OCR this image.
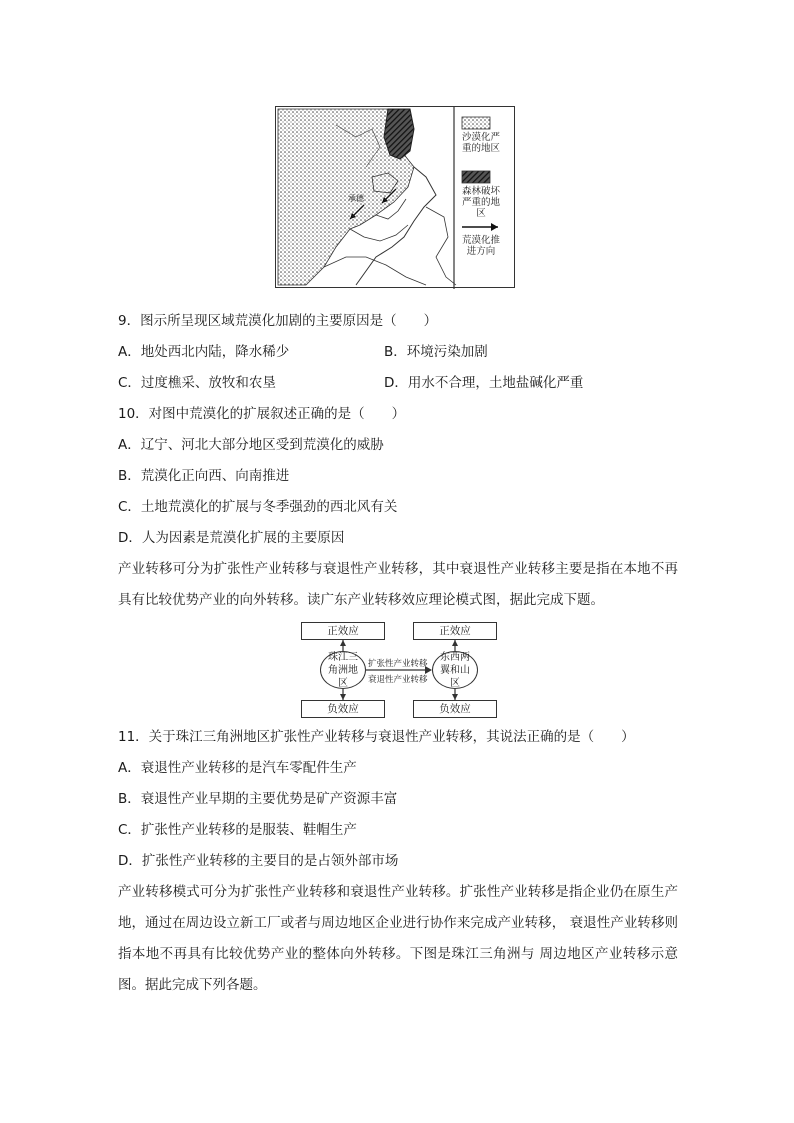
沙漠化严重的地区
森林破坏严重的地区
荒漠化推进方向
承德
9．图示所呈现区域荒漠化加剧的主要原因是（　　）
A．地处西北内陆，降水稀少	B．环境污染加剧
C．过度樵采、放牧和农垦	D．用水不合理，土地盐碱化严重
10．对图中荒漠化的扩展叙述正确的是（　　）
A．辽宁、河北大部分地区受到荒漠化的威胁
B．荒漠化正向西、向南推进
C．土地荒漠化的扩展与冬季强劲的西北风有关
D．人为因素是荒漠化扩展的主要原因
产业转移可分为扩张性产业转移与衰退性产业转移，其中衰退性产业转移主要是指在本地不再具有比较优势产业的向外转移。读广东产业转移效应理论模式图，据此完成下题。
正效应	正效应
负效应	负效应
珠江三角洲地区
东西两翼和山区
扩张性产业转移
衰退性产业转移
11．关于珠江三角洲地区扩张性产业转移与衰退性产业转移，其说法正确的是（　　）
A．衰退性产业转移的是汽车零配件生产
B．衰退性产业早期的主要优势是矿产资源丰富
C．扩张性产业转移的是服装、鞋帽生产
D．扩张性产业转移的主要目的是占领外部市场
产业转移模式可分为扩张性产业转移和衰退性产业转移。扩张性产业转移是指企业仍在原生产地，通过在周边设立新工厂或者与周边地区企业进行协作来完成产业转移， 衰退性产业转移则指本地不再具有比较优势产业的整体向外转移。下图是珠江三角洲与 周边地区产业转移示意图。据此完成下列各题。
